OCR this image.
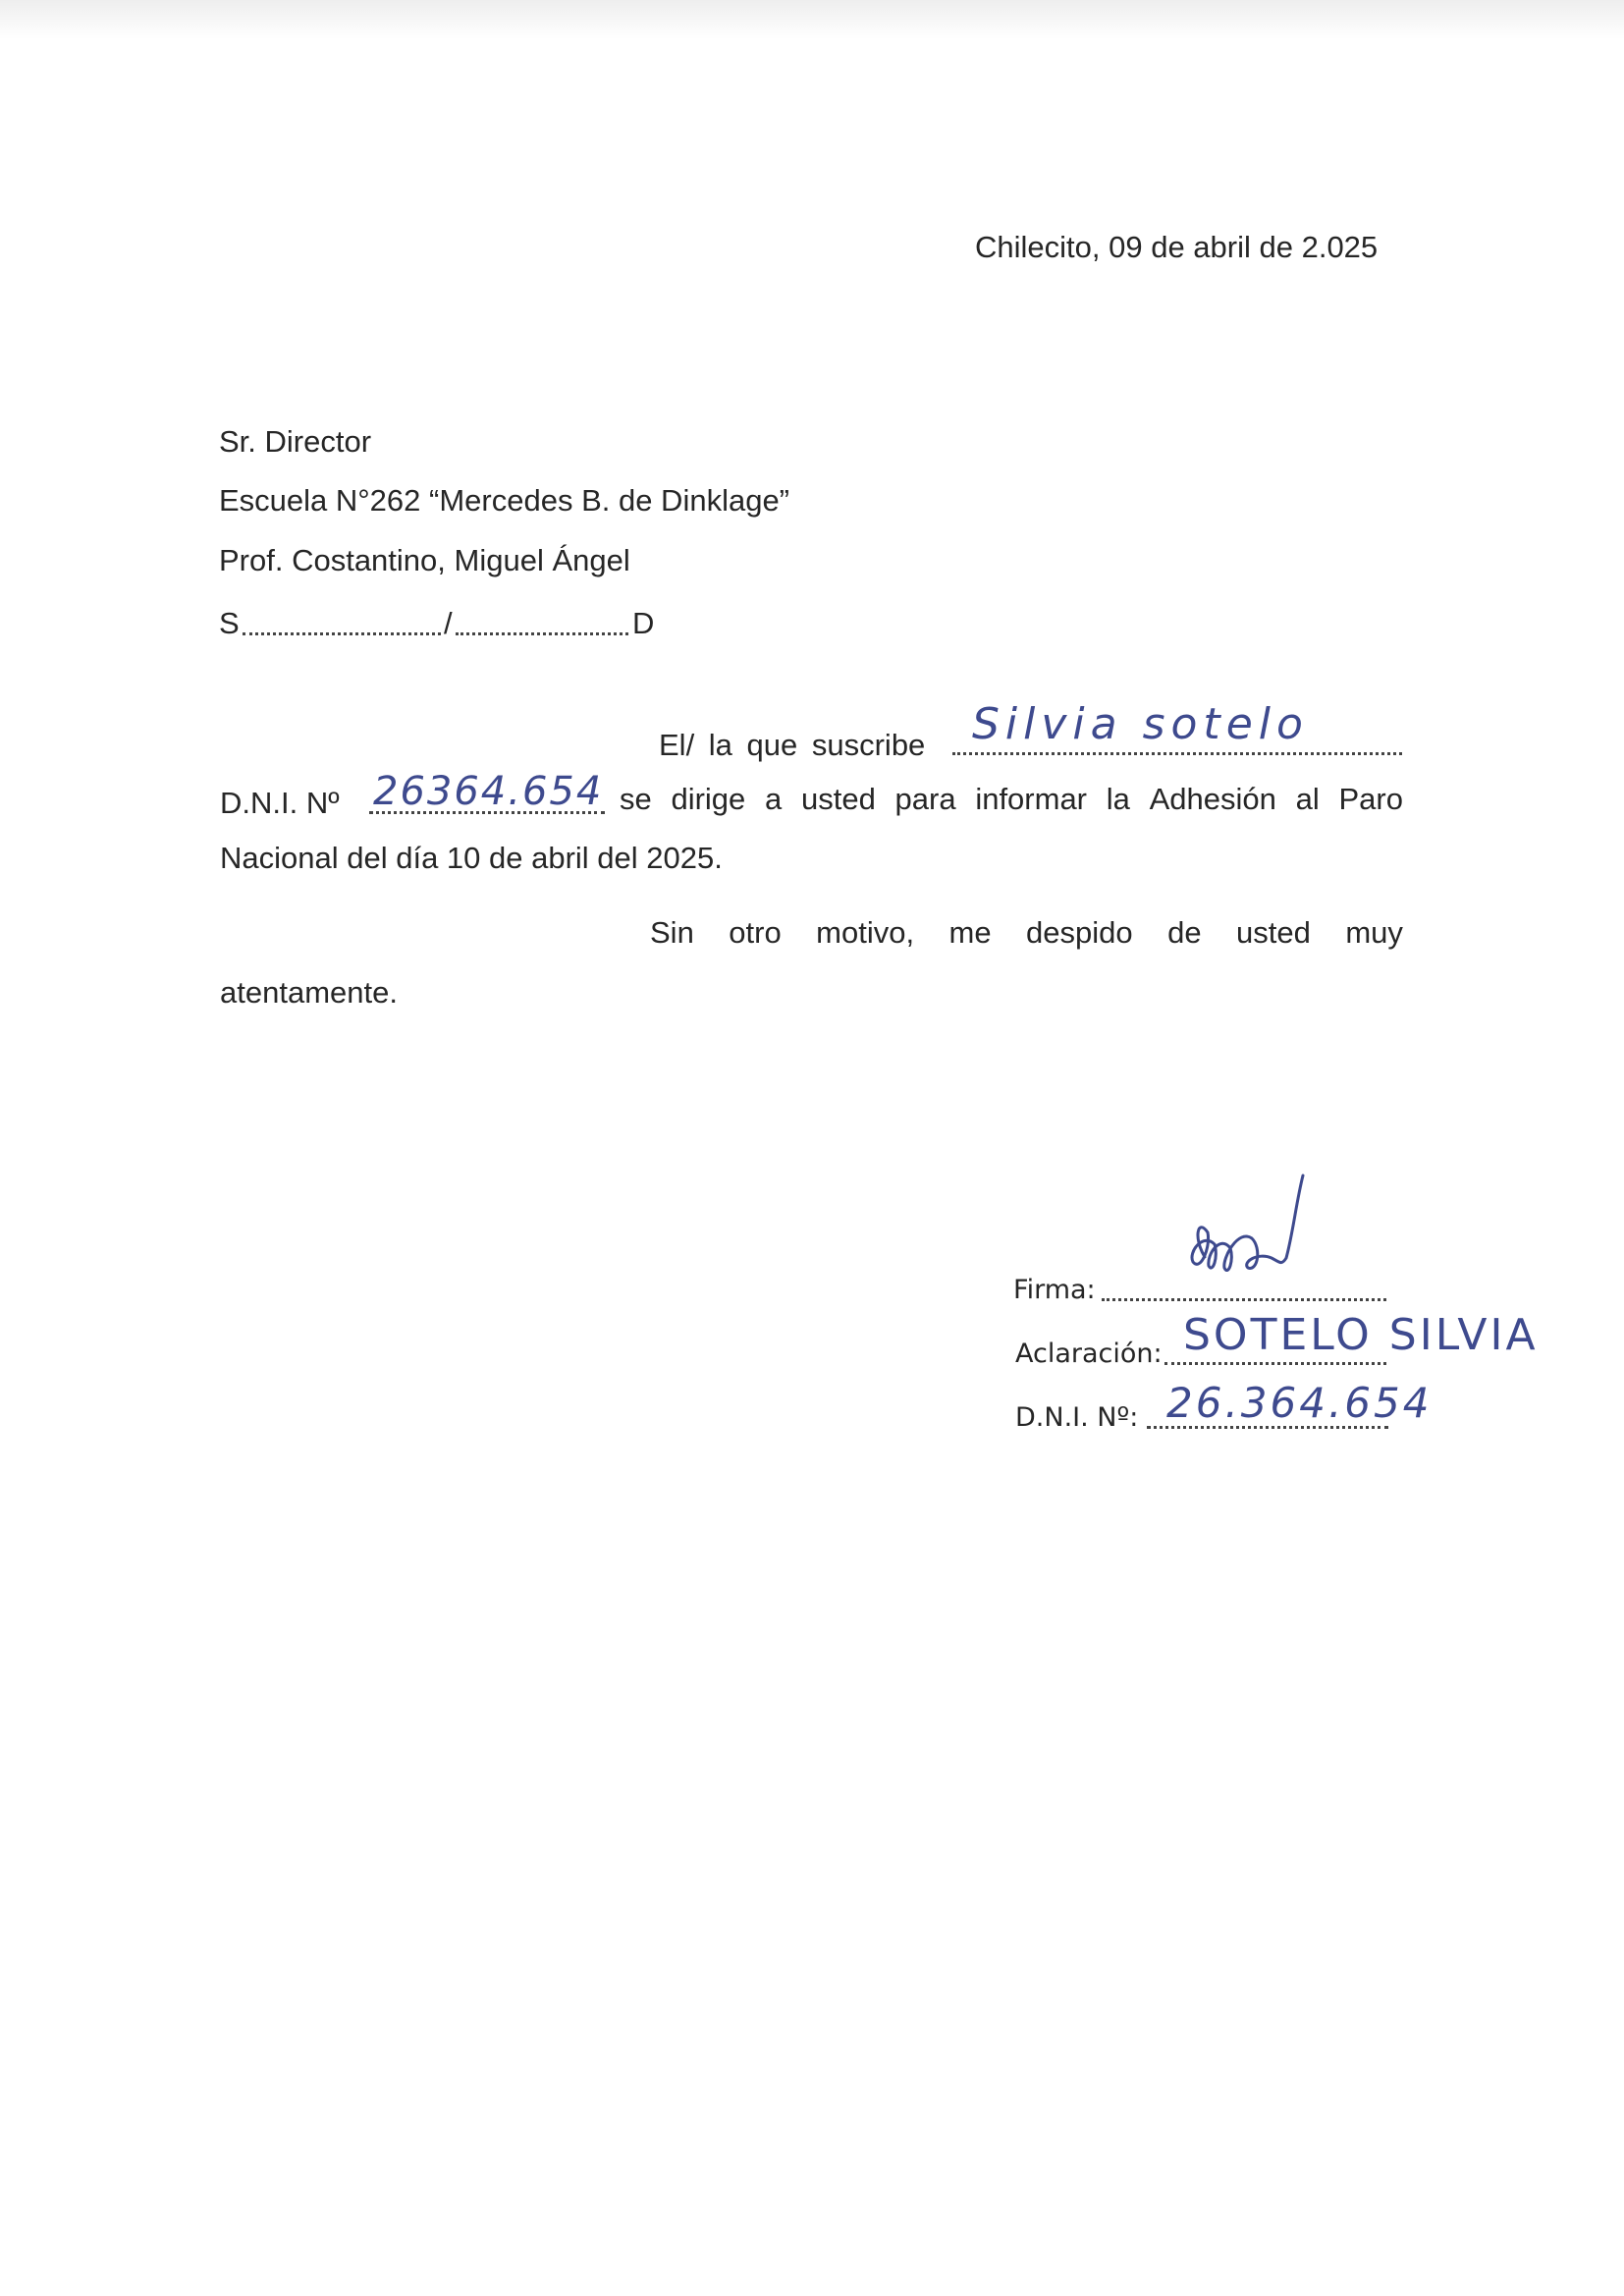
Chilecito, 09 de abril de 2.025
Sr. Director
Escuela N°262 “Mercedes B. de Dinklage”
Prof. Costantino, Miguel Ángel
S	/	D
El/ la que suscribe Silvia sotelo
D.N.I. Nº 26364.654 se dirige a usted para informar la Adhesión al Paro
Nacional del día 10 de abril del 2025.
Sin otro motivo, me despido de usted muy
atentamente.
Firma:
Aclaración: SOTELO SILVIA
D.N.I. Nº: 26.364.654
